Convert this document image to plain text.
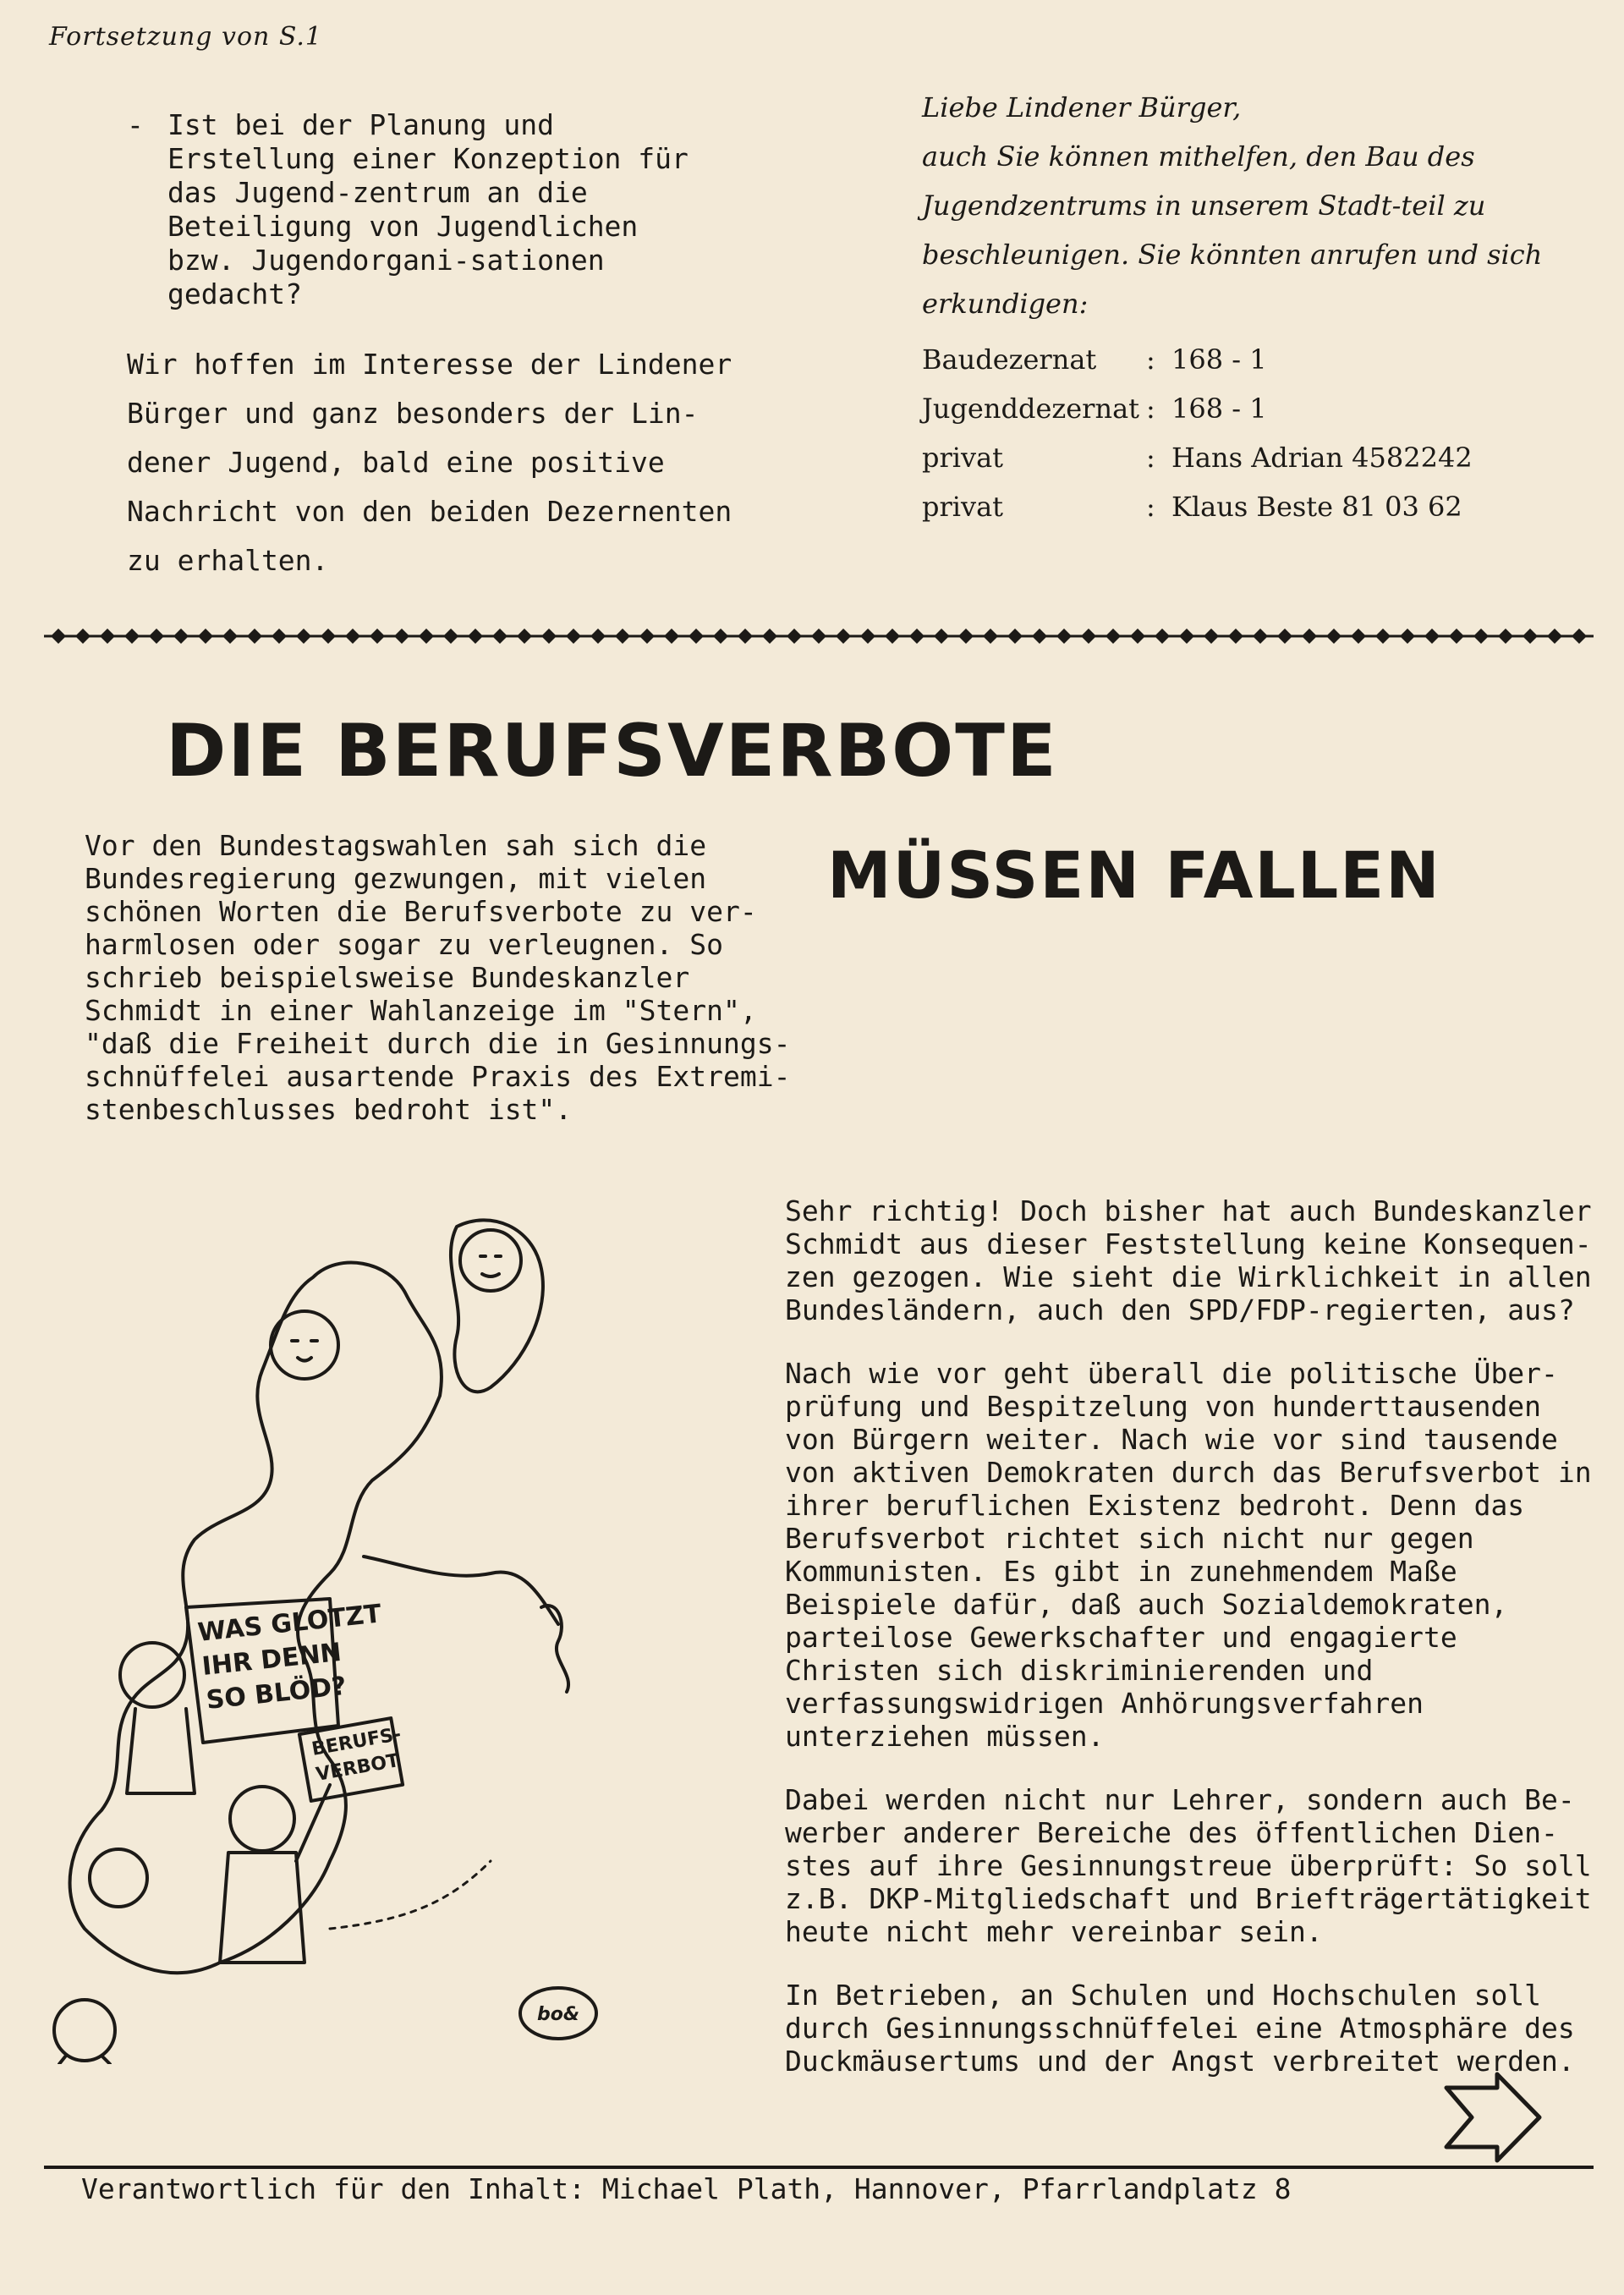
Fortsetzung von S.1
- Ist bei der Planung und Erstellung einer Konzeption für das Jugend-zentrum an die Beteiligung von Jugendlichen bzw. Jugendorgani-sationen gedacht?
Wir hoffen im Interesse der Lindener Bürger und ganz besonders der Lin-dener Jugend, bald eine positive Nachricht von den beiden Dezernenten zu erhalten.
Liebe Lindener Bürger,
auch Sie können mithelfen, den Bau des Jugendzentrums in unserem Stadt-teil zu beschleunigen. Sie könnten anrufen und sich erkundigen:
Baudezernat	: 168 - 1
Jugenddezernat : 168 - 1
privat	: Hans Adrian 4582242
privat	: Klaus Beste 81 03 62
DIE BERUFSVERBOTE
MÜSSEN FALLEN
Vor den Bundestagswahlen sah sich die Bundesregierung gezwungen, mit vielen schönen Worten die Berufsverbote zu ver-harmlosen oder sogar zu verleugnen. So schrieb beispielsweise Bundeskanzler Schmidt in einer Wahlanzeige im "Stern", "daß die Freiheit durch die in Gesinnungs-schnüffelei ausartende Praxis des Extremi-stenbeschlusses bedroht ist".
WAS GLOTZT
IHR DENN
SO BLÖD?
BERUFS-
VERBOT
bo&

Sehr richtig! Doch bisher hat auch Bundeskanzler Schmidt aus dieser Feststellung keine Konsequen-zen gezogen. Wie sieht die Wirklichkeit in allen Bundesländern, auch den SPD/FDP-regierten, aus?

Nach wie vor geht überall die politische Über-prüfung und Bespitzelung von hunderttausenden von Bürgern weiter. Nach wie vor sind tausende von aktiven Demokraten durch das Berufsverbot in ihrer beruflichen Existenz bedroht. Denn das Berufsverbot richtet sich nicht nur gegen Kommunisten. Es gibt in zunehmendem Maße Beispiele dafür, daß auch Sozialdemokraten, parteilose Gewerkschafter und engagierte Christen sich diskriminierenden und verfassungswidrigen Anhörungsverfahren unterziehen müssen.

Dabei werden nicht nur Lehrer, sondern auch Be-werber anderer Bereiche des öffentlichen Dien-stes auf ihre Gesinnungstreue überprüft: So soll z.B. DKP-Mitgliedschaft und Briefträgertätigkeit heute nicht mehr vereinbar sein.

In Betrieben, an Schulen und Hochschulen soll durch Gesinnungsschnüffelei eine Atmosphäre des Duckmäusertums und der Angst verbreitet werden.

Verantwortlich für den Inhalt: Michael Plath, Hannover, Pfarrlandplatz 8
